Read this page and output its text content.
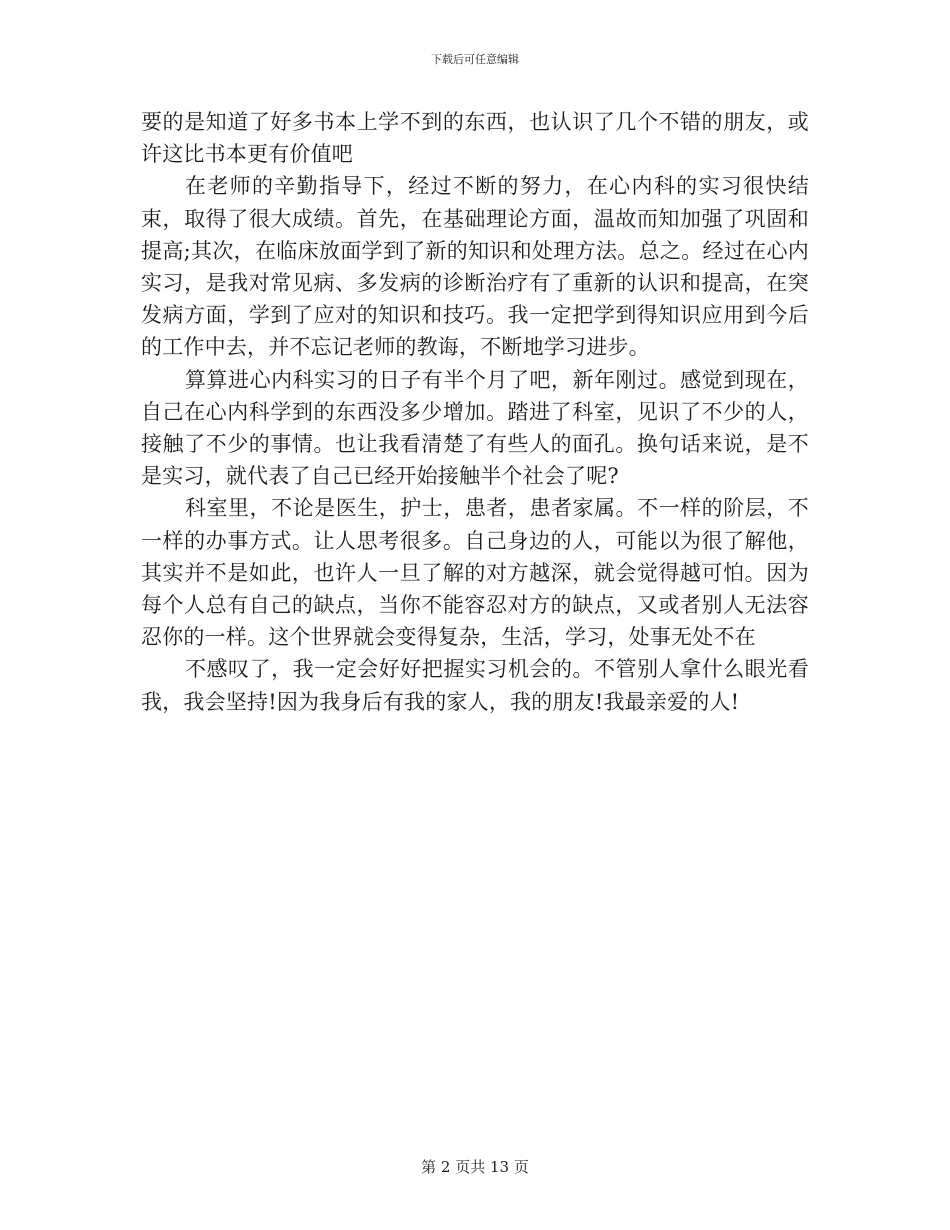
下载后可任意编辑

要的是知道了好多书本上学不到的东西，也认识了几个不错的朋友，或许这比书本更有价值吧

在老师的辛勤指导下，经过不断的努力，在心内科的实习很快结束，取得了很大成绩。首先，在基础理论方面，温故而知加强了巩固和提高;其次，在临床放面学到了新的知识和处理方法。总之。经过在心内实习，是我对常见病、多发病的诊断治疗有了重新的认识和提高，在突发病方面，学到了应对的知识和技巧。我一定把学到得知识应用到今后的工作中去，并不忘记老师的教诲，不断地学习进步。

算算进心内科实习的日子有半个月了吧，新年刚过。感觉到现在，自己在心内科学到的东西没多少增加。踏进了科室，见识了不少的人，接触了不少的事情。也让我看清楚了有些人的面孔。换句话来说，是不是实习，就代表了自己已经开始接触半个社会了呢?

科室里，不论是医生，护士，患者，患者家属。不一样的阶层，不一样的办事方式。让人思考很多。自己身边的人，可能以为很了解他，其实并不是如此，也许人一旦了解的对方越深，就会觉得越可怕。因为每个人总有自己的缺点，当你不能容忍对方的缺点，又或者别人无法容忍你的一样。这个世界就会变得复杂，生活，学习，处事无处不在

不感叹了，我一定会好好把握实习机会的。不管别人拿什么眼光看我，我会坚持!因为我身后有我的家人，我的朋友!我最亲爱的人!

第 2 页共 13 页
